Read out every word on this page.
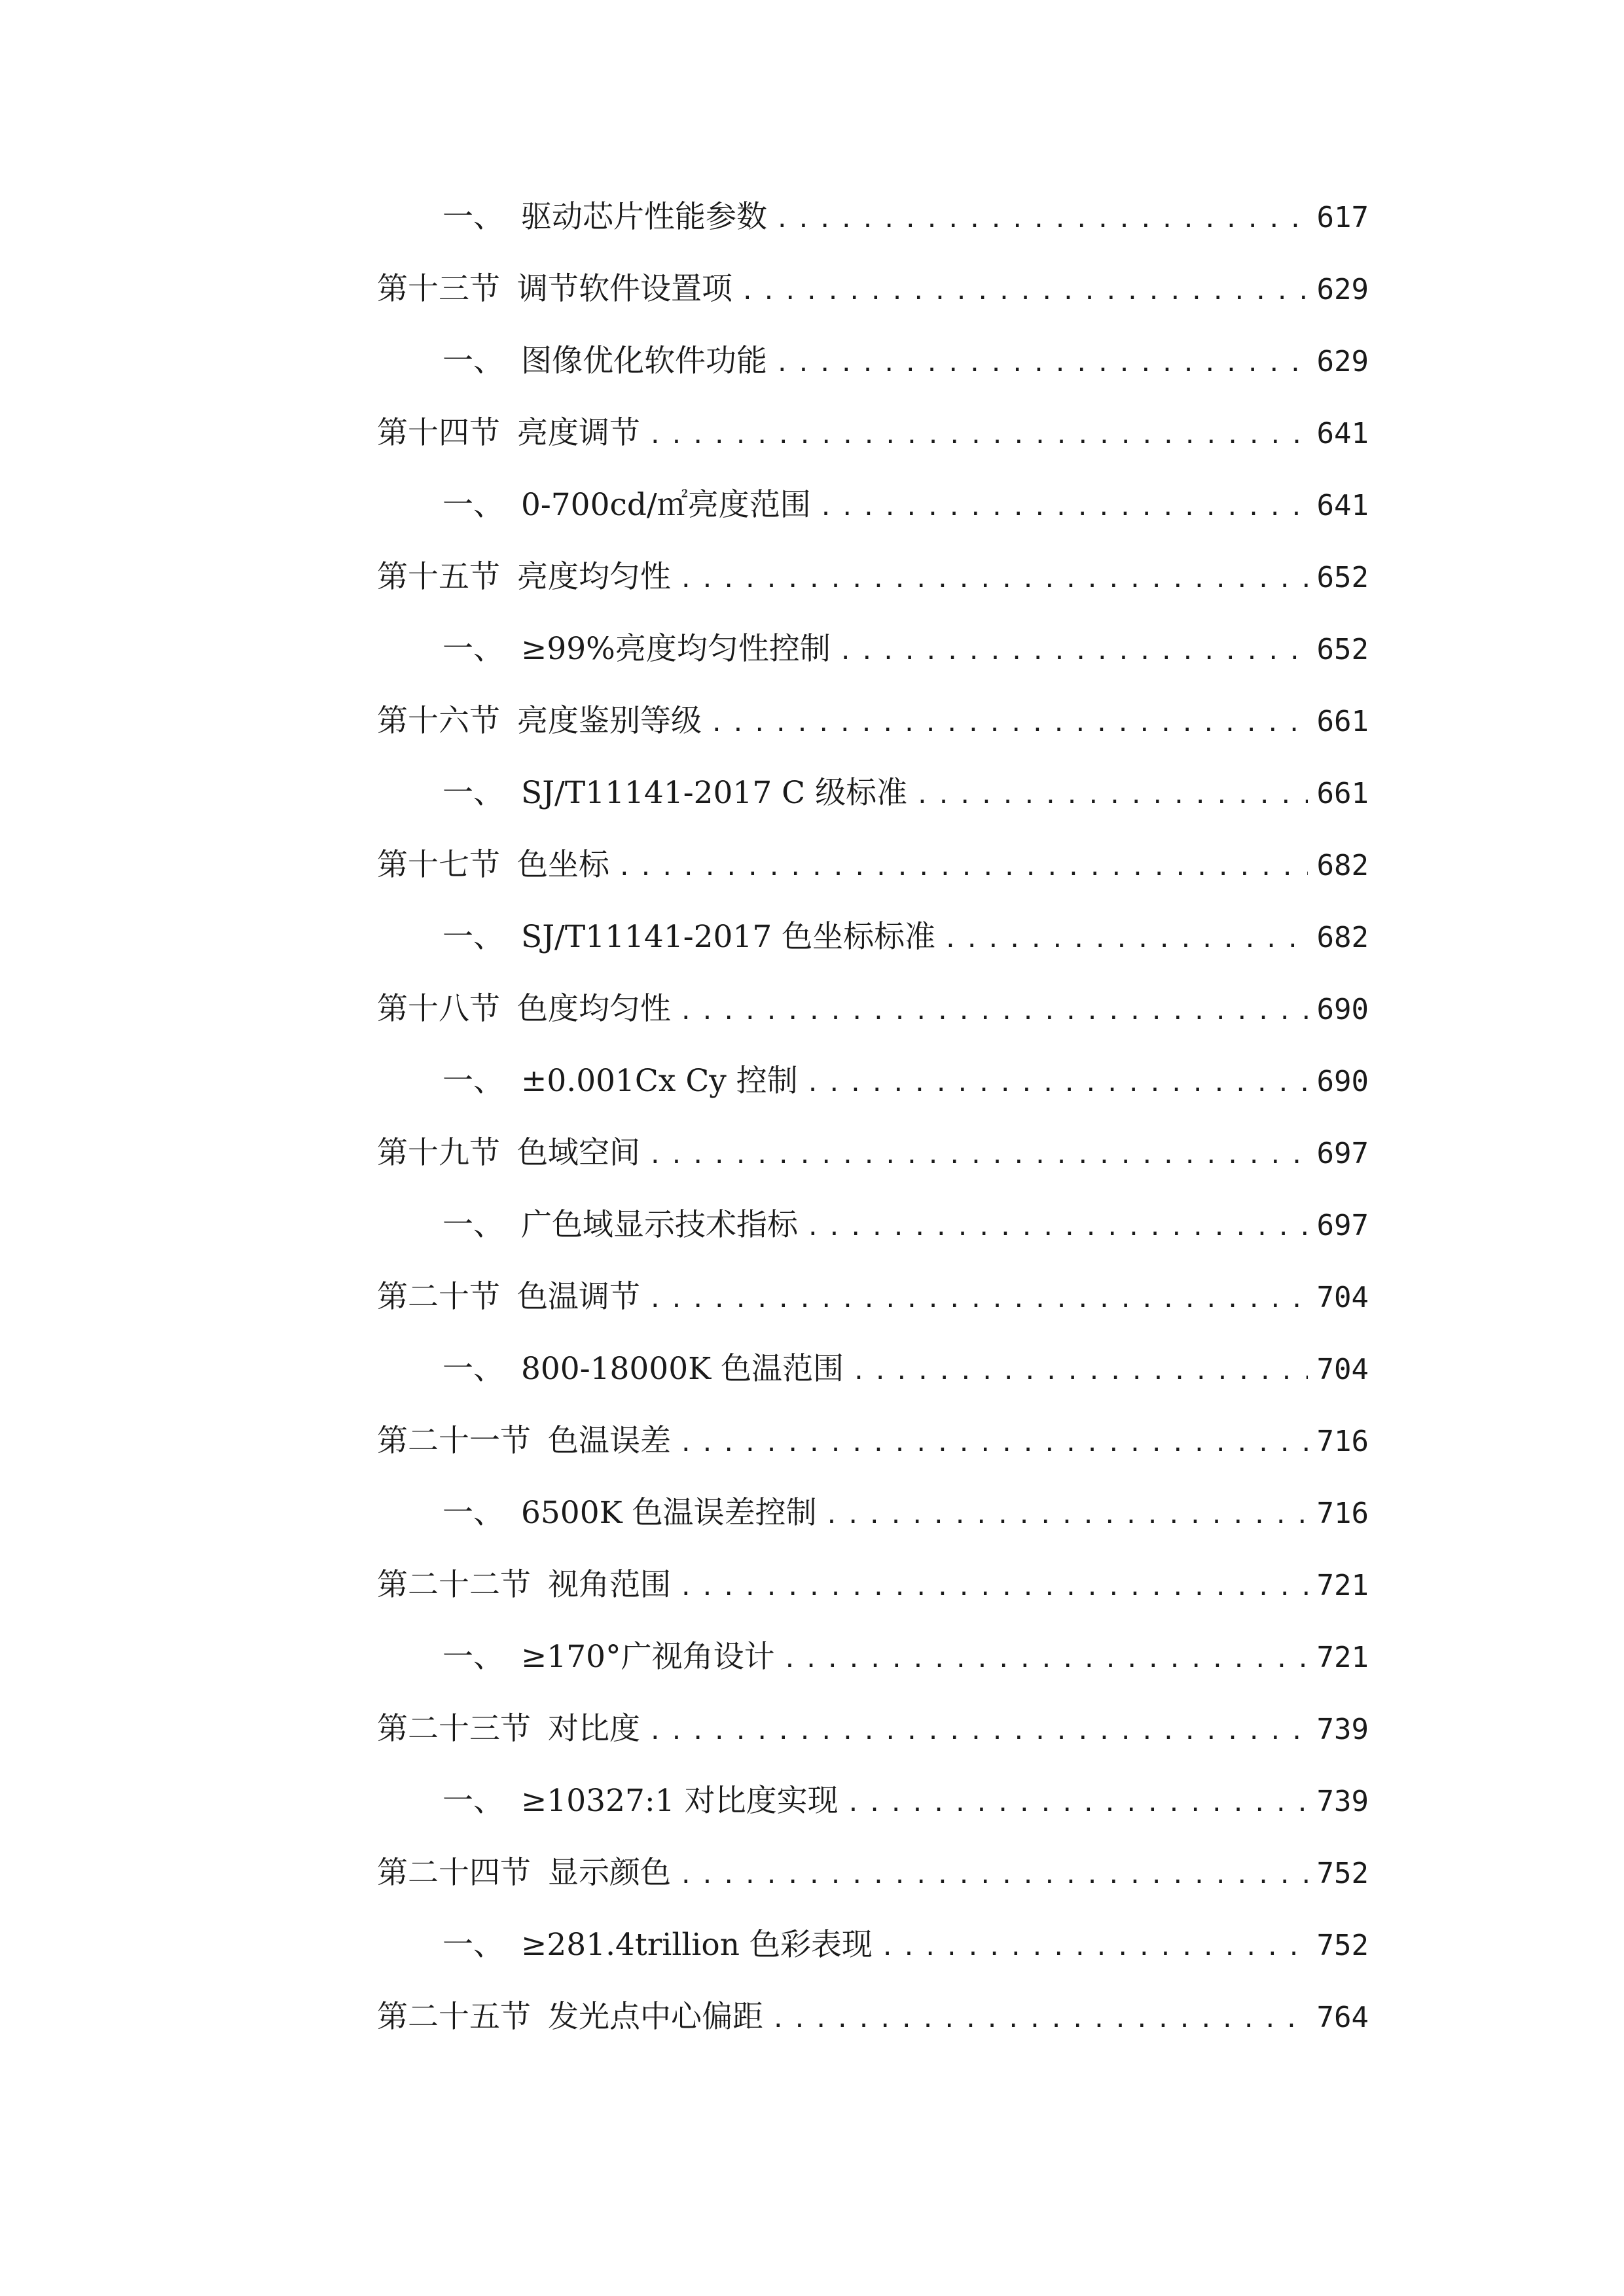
一、 驱动芯片性能参数 .....	617
第十三节 调节软件设置项 .....	629
一、 图像优化软件功能 .....	629
第十四节 亮度调节 .....	641
一、 0-700cd/㎡亮度范围 .....	641
第十五节 亮度均匀性 .....	652
一、 ≥99%亮度均匀性控制 .....	652
第十六节 亮度鉴别等级 .....	661
一、 SJ/T11141-2017 C 级标准 .....	661
第十七节 色坐标 .....	682
一、 SJ/T11141-2017 色坐标标准 .....	682
第十八节 色度均匀性 .....	690
一、 ±0.001Cx Cy 控制 .....	690
第十九节 色域空间 .....	697
一、 广色域显示技术指标 .....	697
第二十节 色温调节 .....	704
一、 800-18000K 色温范围 .....	704
第二十一节 色温误差 .....	716
一、 6500K 色温误差控制 .....	716
第二十二节 视角范围 .....	721
一、 ≥170°广视角设计 .....	721
第二十三节 对比度 .....	739
一、 ≥10327:1 对比度实现 .....	739
第二十四节 显示颜色 .....	752
一、 ≥281.4trillion 色彩表现 .....	752
第二十五节 发光点中心偏距 .....	764
